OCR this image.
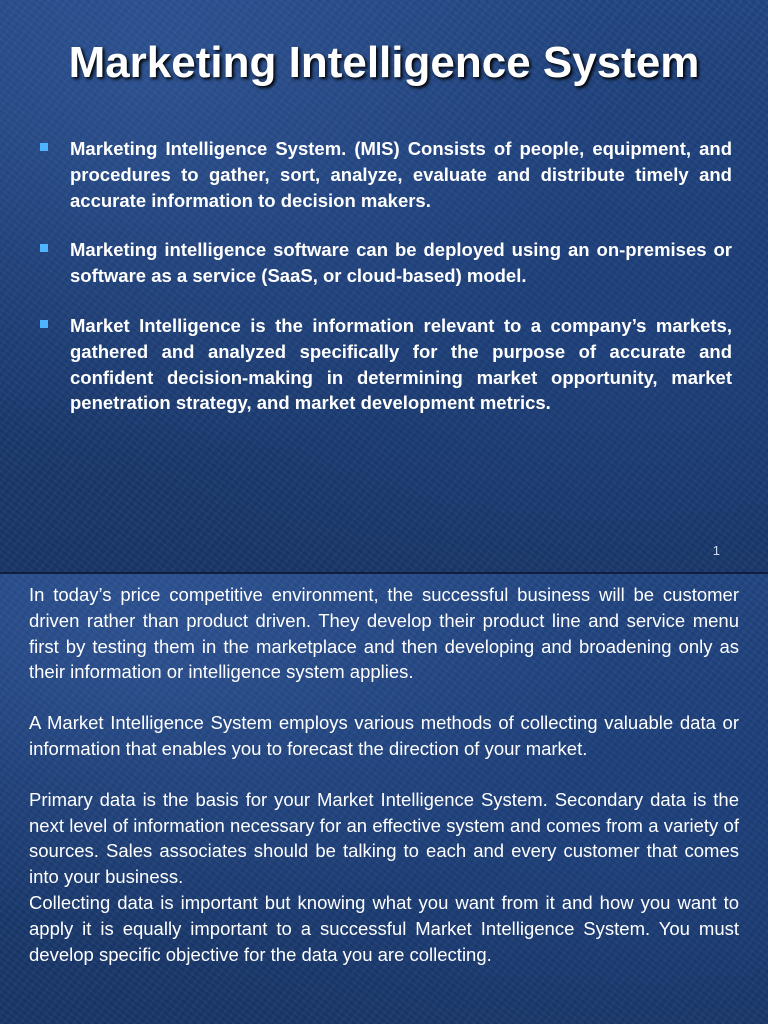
Marketing Intelligence System
Marketing Intelligence System. (MIS) Consists of people, equipment, and procedures to gather, sort, analyze, evaluate and distribute timely and accurate information to decision makers.
Marketing intelligence software can be deployed using an on-premises or software as a service (SaaS, or cloud-based) model.
Market Intelligence is the information relevant to a company’s markets, gathered and analyzed specifically for the purpose of accurate and confident decision-making in determining market opportunity, market penetration strategy, and market development metrics.
1

In today’s price competitive environment, the successful business will be customer driven rather than product driven. They develop their product line and service menu first by testing them in the marketplace and then developing and broadening only as their information or intelligence system applies.

A Market Intelligence System employs various methods of collecting valuable data or information that enables you to forecast the direction of your market.

Primary data is the basis for your Market Intelligence System. Secondary data is the next level of information necessary for an effective system and comes from a variety of sources. Sales associates should be talking to each and every customer that comes into your business.

Collecting data is important but knowing what you want from it and how you want to apply it is equally important to a successful Market Intelligence System. You must develop specific objective for the data you are collecting.
